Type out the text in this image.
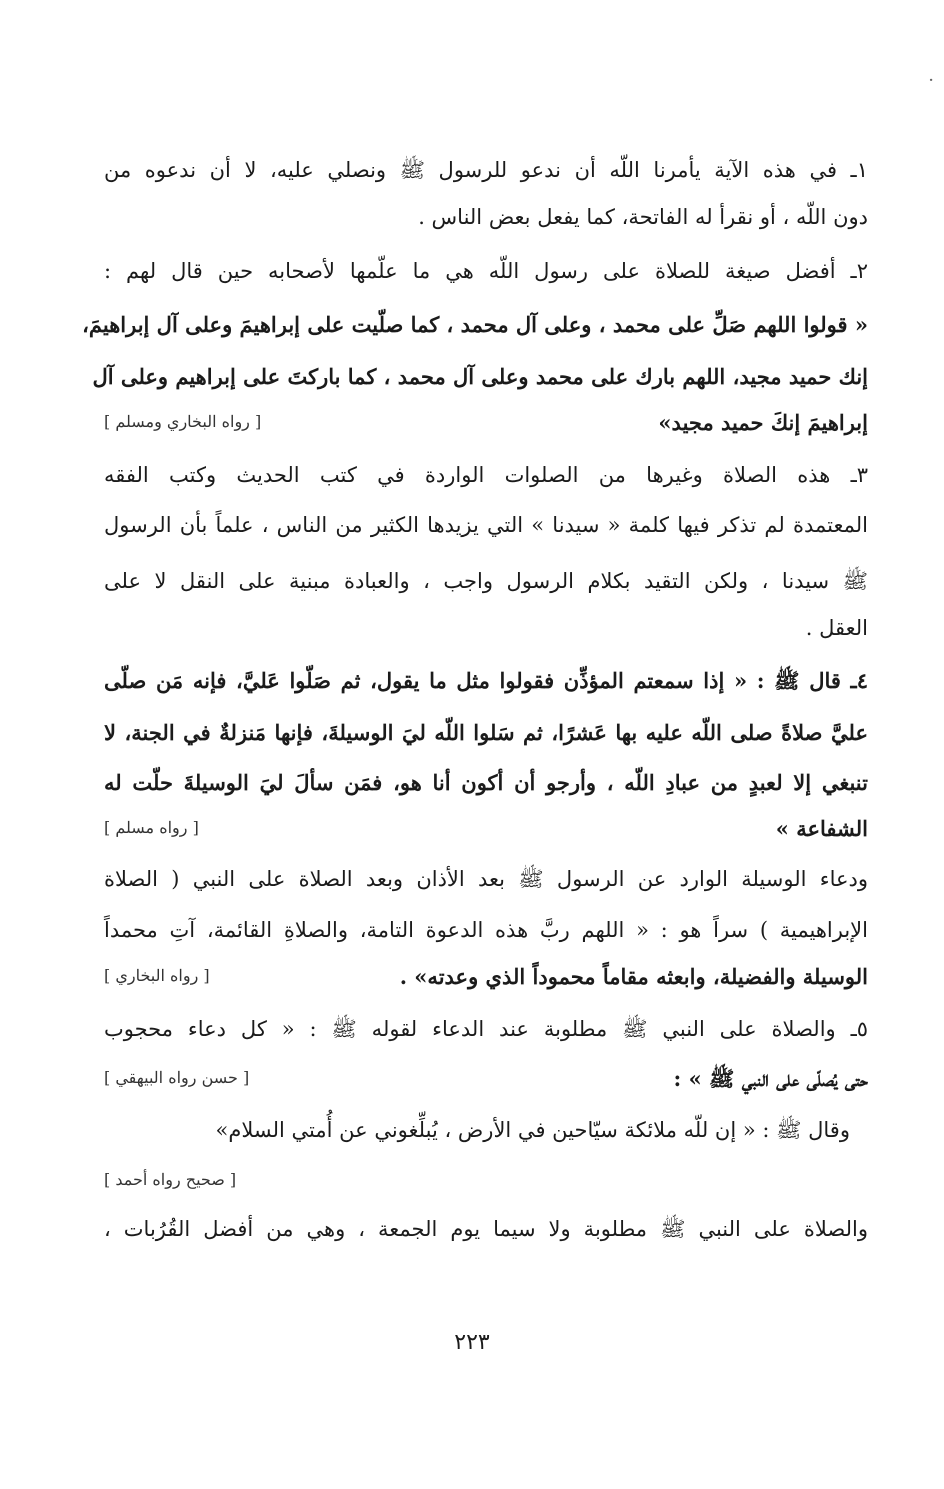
·
١ـ في هذه الآية يأمرنا اللّه أن ندعو للرسول ﷺ ونصلي عليه، لا أن ندعوه من
دون اللّه ، أو نقرأ له الفاتحة، كما يفعل بعض الناس .
٢ـ أفضل صيغة للصلاة على رسول اللّه هي ما علّمها لأصحابه حين قال لهم :
« قولوا اللهم صَلِّ على محمد ، وعلى آل محمد ، كما صلّيت على إبراهيمَ وعلى آل إبراهيمَ،
إنك حميد مجيد، اللهم بارك على محمد وعلى آل محمد ، كما باركتَ على إبراهيم وعلى آل
إبراهيمَ إنكَ حميد مجيد»
[ رواه البخاري ومسلم ]
٣ـ هذه الصلاة وغيرها من الصلوات الواردة في كتب الحديث وكتب الفقه
المعتمدة لم تذكر فيها كلمة « سيدنا » التي يزيدها الكثير من الناس ، علماً بأن الرسول
ﷺ سيدنا ، ولكن التقيد بكلام الرسول واجب ، والعبادة مبنية على النقل لا على
العقل .
٤ـ قال ﷺ : « إذا سمعتم المؤذِّن فقولوا مثل ما يقول، ثم صَلّوا عَليَّ، فإنه مَن صلّى
عليَّ صلاةً صلى اللّه عليه بها عَشرًا، ثم سَلوا اللّه ليَ الوسيلةَ، فإنها مَنزلةٌ في الجنة، لا
تنبغي إلا لعبدٍ من عبادِ اللّه ، وأرجو أن أكون أنا هو، فمَن سألَ ليَ الوسيلةَ حلّت له
الشفاعة »
[ رواه مسلم ]
ودعاء الوسيلة الوارد عن الرسول ﷺ بعد الأذان وبعد الصلاة على النبي ( الصلاة
الإبراهيمية ) سراً هو : « اللهم ربَّ هذه الدعوة التامة، والصلاةِ القائمة، آتِ محمداً
الوسيلة والفضيلة، وابعثه مقاماً محموداً الذي وعدته» .
[ رواه البخاري ]
٥ـ والصلاة على النبي ﷺ مطلوبة عند الدعاء لقوله ﷺ : « كل دعاء محجوب
حتى يُصلّى على النبي ﷺ » :
[ حسن رواه البيهقي ]
وقال ﷺ : « إن للّه ملائكة سيّاحين في الأرض ، يُبلِّغوني عن أُمتي السلام»
[ صحيح رواه أحمد ]
والصلاة على النبي ﷺ مطلوبة ولا سيما يوم الجمعة ، وهي من أفضل القُرُبات ،
٢٢٣
